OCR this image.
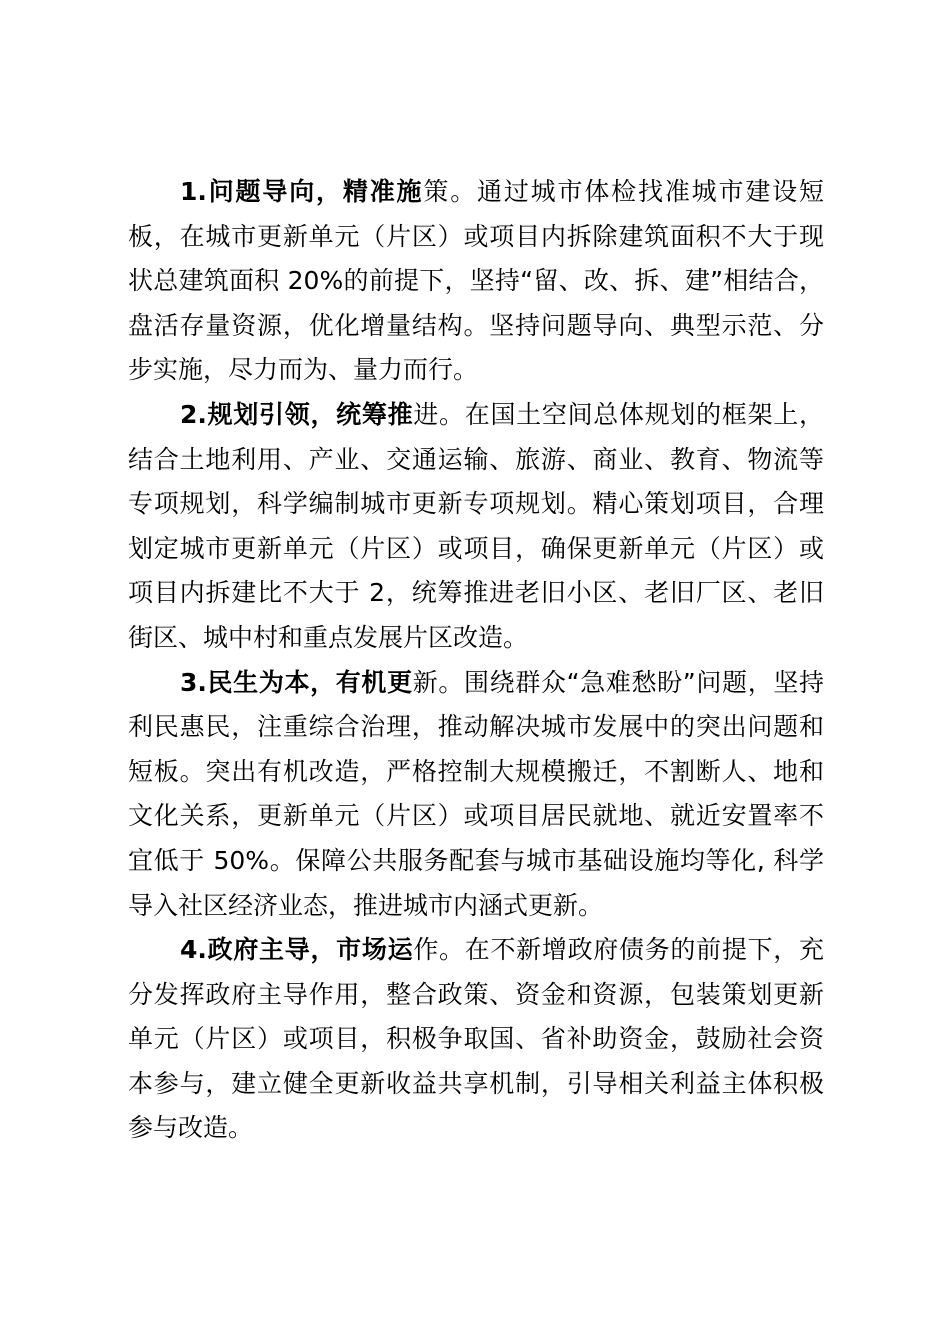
1.问题导向，精准施策。通过城市体检找准城市建设短板，在城市更新单元（片区）或项目内拆除建筑面积不大于现状总建筑面积 20%的前提下，坚持“留、改、拆、建”相结合，盘活存量资源，优化增量结构。坚持问题导向、典型示范、分步实施，尽力而为、量力而行。

2.规划引领，统筹推进。在国土空间总体规划的框架上，结合土地利用、产业、交通运输、旅游、商业、教育、物流等专项规划，科学编制城市更新专项规划。精心策划项目，合理划定城市更新单元（片区）或项目，确保更新单元（片区）或项目内拆建比不大于 2，统筹推进老旧小区、老旧厂区、老旧街区、城中村和重点发展片区改造。

3.民生为本，有机更新。围绕群众“急难愁盼”问题，坚持利民惠民，注重综合治理，推动解决城市发展中的突出问题和短板。突出有机改造，严格控制大规模搬迁，不割断人、地和文化关系，更新单元（片区）或项目居民就地、就近安置率不宜低于 50%。保障公共服务配套与城市基础设施均等化, 科学导入社区经济业态，推进城市内涵式更新。

4.政府主导，市场运作。在不新增政府债务的前提下，充分发挥政府主导作用，整合政策、资金和资源，包装策划更新单元（片区）或项目，积极争取国、省补助资金，鼓励社会资本参与，建立健全更新收益共享机制，引导相关利益主体积极参与改造。
